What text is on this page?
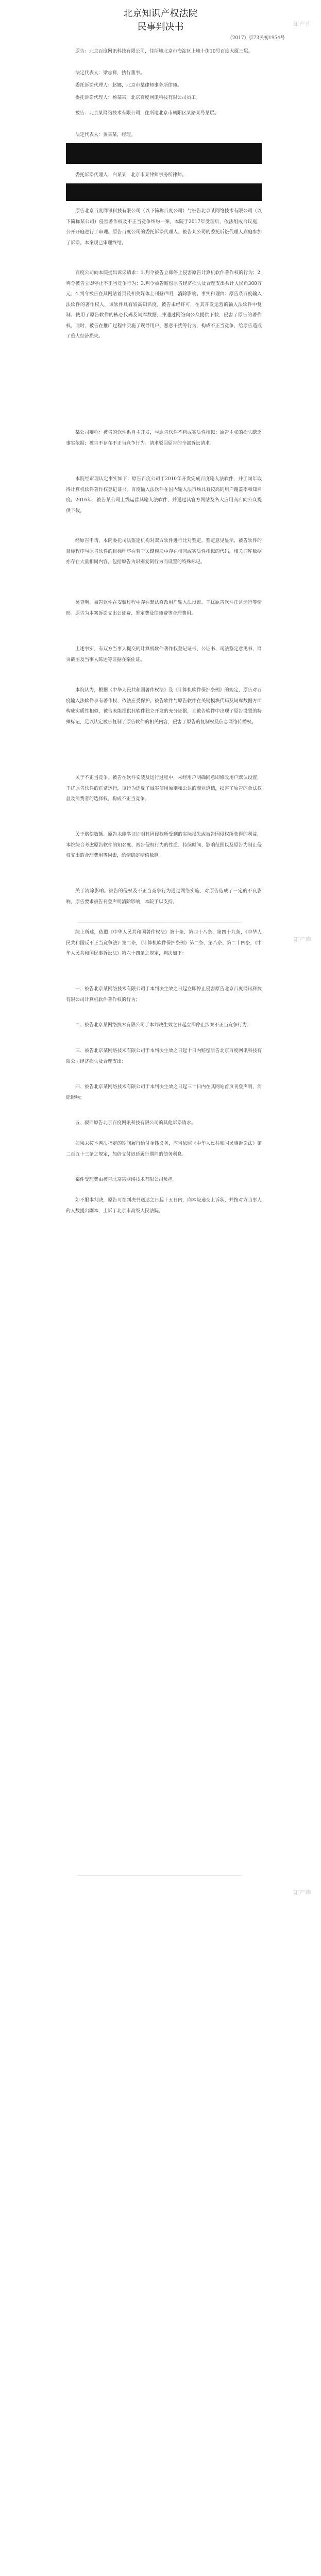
知产库
知产库
知产库
北京知识产权法院
民事判决书
（2017）京73民初1954号
原告：北京百度网讯科技有限公司，住所地北京市海淀区上地十街10号百度大厦三层。
法定代表人：梁志祥，执行董事。
委托诉讼代理人：赵娜，北京市某律师事务所律师。
委托诉讼代理人：杨某某，北京百度网讯科技有限公司员工。
被告：北京某网络技术有限公司，住所地北京市朝阳区某路某号某层。
法定代表人：黄某某，经理。
委托诉讼代理人：白某某，北京市某律师事务所律师。
原告北京百度网讯科技有限公司（以下简称百度公司）与被告北京某网络技术有限公司（以下简称某公司）侵害著作权及不正当竞争纠纷一案，本院于2017年受理后，依法组成合议庭，公开开庭进行了审理。原告百度公司的委托诉讼代理人、被告某公司的委托诉讼代理人到庭参加了诉讼。本案现已审理终结。
百度公司向本院提出诉讼请求：1.判令被告立即停止侵害原告计算机软件著作权的行为；2.判令被告立即停止不正当竞争行为；3.判令被告赔偿原告经济损失及合理支出共计人民币300万元；4.判令被告在其网站首页及相关媒体上刊登声明，消除影响。事实和理由：原告系百度输入法软件的著作权人，该软件具有较高知名度。被告未经许可，在其开发运营的输入法软件中复制、使用了原告软件的核心代码及词库数据，并通过网络向公众提供下载，侵害了原告的著作权。同时，被告在推广过程中实施了误导用户、恶意干扰等行为，构成不正当竞争，给原告造成了重大经济损失。
某公司辩称：被告的软件系自主开发，与原告软件不构成实质性相似；原告主张的损失缺乏事实依据；被告不存在不正当竞争行为。请求驳回原告的全部诉讼请求。
本院经审理认定事实如下：原告百度公司于2010年开发完成百度输入法软件，并于同年取得计算机软件著作权登记证书。百度输入法软件在国内输入法市场具有较高的用户覆盖率和知名度。2016年，被告某公司上线运营其输入法软件，并通过其官方网站及各大应用商店向公众提供下载。
经原告申请，本院委托司法鉴定机构对双方软件进行比对鉴定。鉴定意见显示，被告软件的目标程序与原告软件的目标程序在若干关键模块中存在相同或实质性相似的代码，相关词库数据亦存在大量相同内容，包括原告为识别复制行为而设置的特殊标记。
另查明，被告软件在安装过程中存在默认修改用户输入法设置、干扰原告软件正常运行等情形。原告为本案诉讼支出公证费、鉴定费及律师费等合理费用。
上述事实，有双方当事人提交的计算机软件著作权登记证书、公证书、司法鉴定意见书、网页截图及当事人陈述等证据在案佐证。
本院认为，根据《中华人民共和国著作权法》及《计算机软件保护条例》的规定，原告对百度输入法软件享有著作权，依法应受保护。被告软件与原告软件在关键模块代码及词库数据方面构成实质性相似，被告未能提供其软件独立开发的充分证据，且被告软件中出现了原告设置的特殊标记，足以认定被告复制了原告软件的相关内容，侵害了原告的复制权及信息网络传播权。
关于不正当竞争。被告在软件安装及运行过程中，未经用户明确同意即修改用户默认设置，干扰原告软件的正常运行，该行为违反了诚实信用原则和公认的商业道德，损害了原告的合法权益及消费者的选择权，构成不正当竞争。
关于赔偿数额。原告未能举证证明其因侵权所受到的实际损失或被告因侵权所获得的利益，本院综合考虑原告软件的知名度、被告侵权行为的性质、持续时间、影响范围以及原告为制止侵权支出的合理费用等因素，酌情确定赔偿数额。
关于消除影响。被告的侵权及不正当竞争行为通过网络实施，对原告造成了一定的不良影响，原告要求被告刊登声明消除影响，本院予以支持。
综上所述，依照《中华人民共和国著作权法》第十条、第四十八条、第四十九条，《中华人民共和国反不正当竞争法》第二条，《计算机软件保护条例》第二条、第八条、第二十四条，《中华人民共和国民事诉讼法》第六十四条之规定，判决如下：
一、被告北京某网络技术有限公司于本判决生效之日起立即停止侵害原告北京百度网讯科技有限公司计算机软件著作权的行为；
二、被告北京某网络技术有限公司于本判决生效之日起立即停止涉案不正当竞争行为；
三、被告北京某网络技术有限公司于本判决生效之日起十日内赔偿原告北京百度网讯科技有限公司经济损失及合理支出；
四、被告北京某网络技术有限公司于本判决生效之日起三十日内在其网站首页刊登声明，消除影响；
五、驳回原告北京百度网讯科技有限公司的其他诉讼请求。
如果未按本判决指定的期间履行给付金钱义务，应当依照《中华人民共和国民事诉讼法》第二百五十三条之规定，加倍支付迟延履行期间的债务利息。
案件受理费由被告北京某网络技术有限公司负担。
如不服本判决，原告可在判决书送达之日起十五日内，向本院递交上诉状，并按对方当事人的人数提出副本，上诉于北京市高级人民法院。
